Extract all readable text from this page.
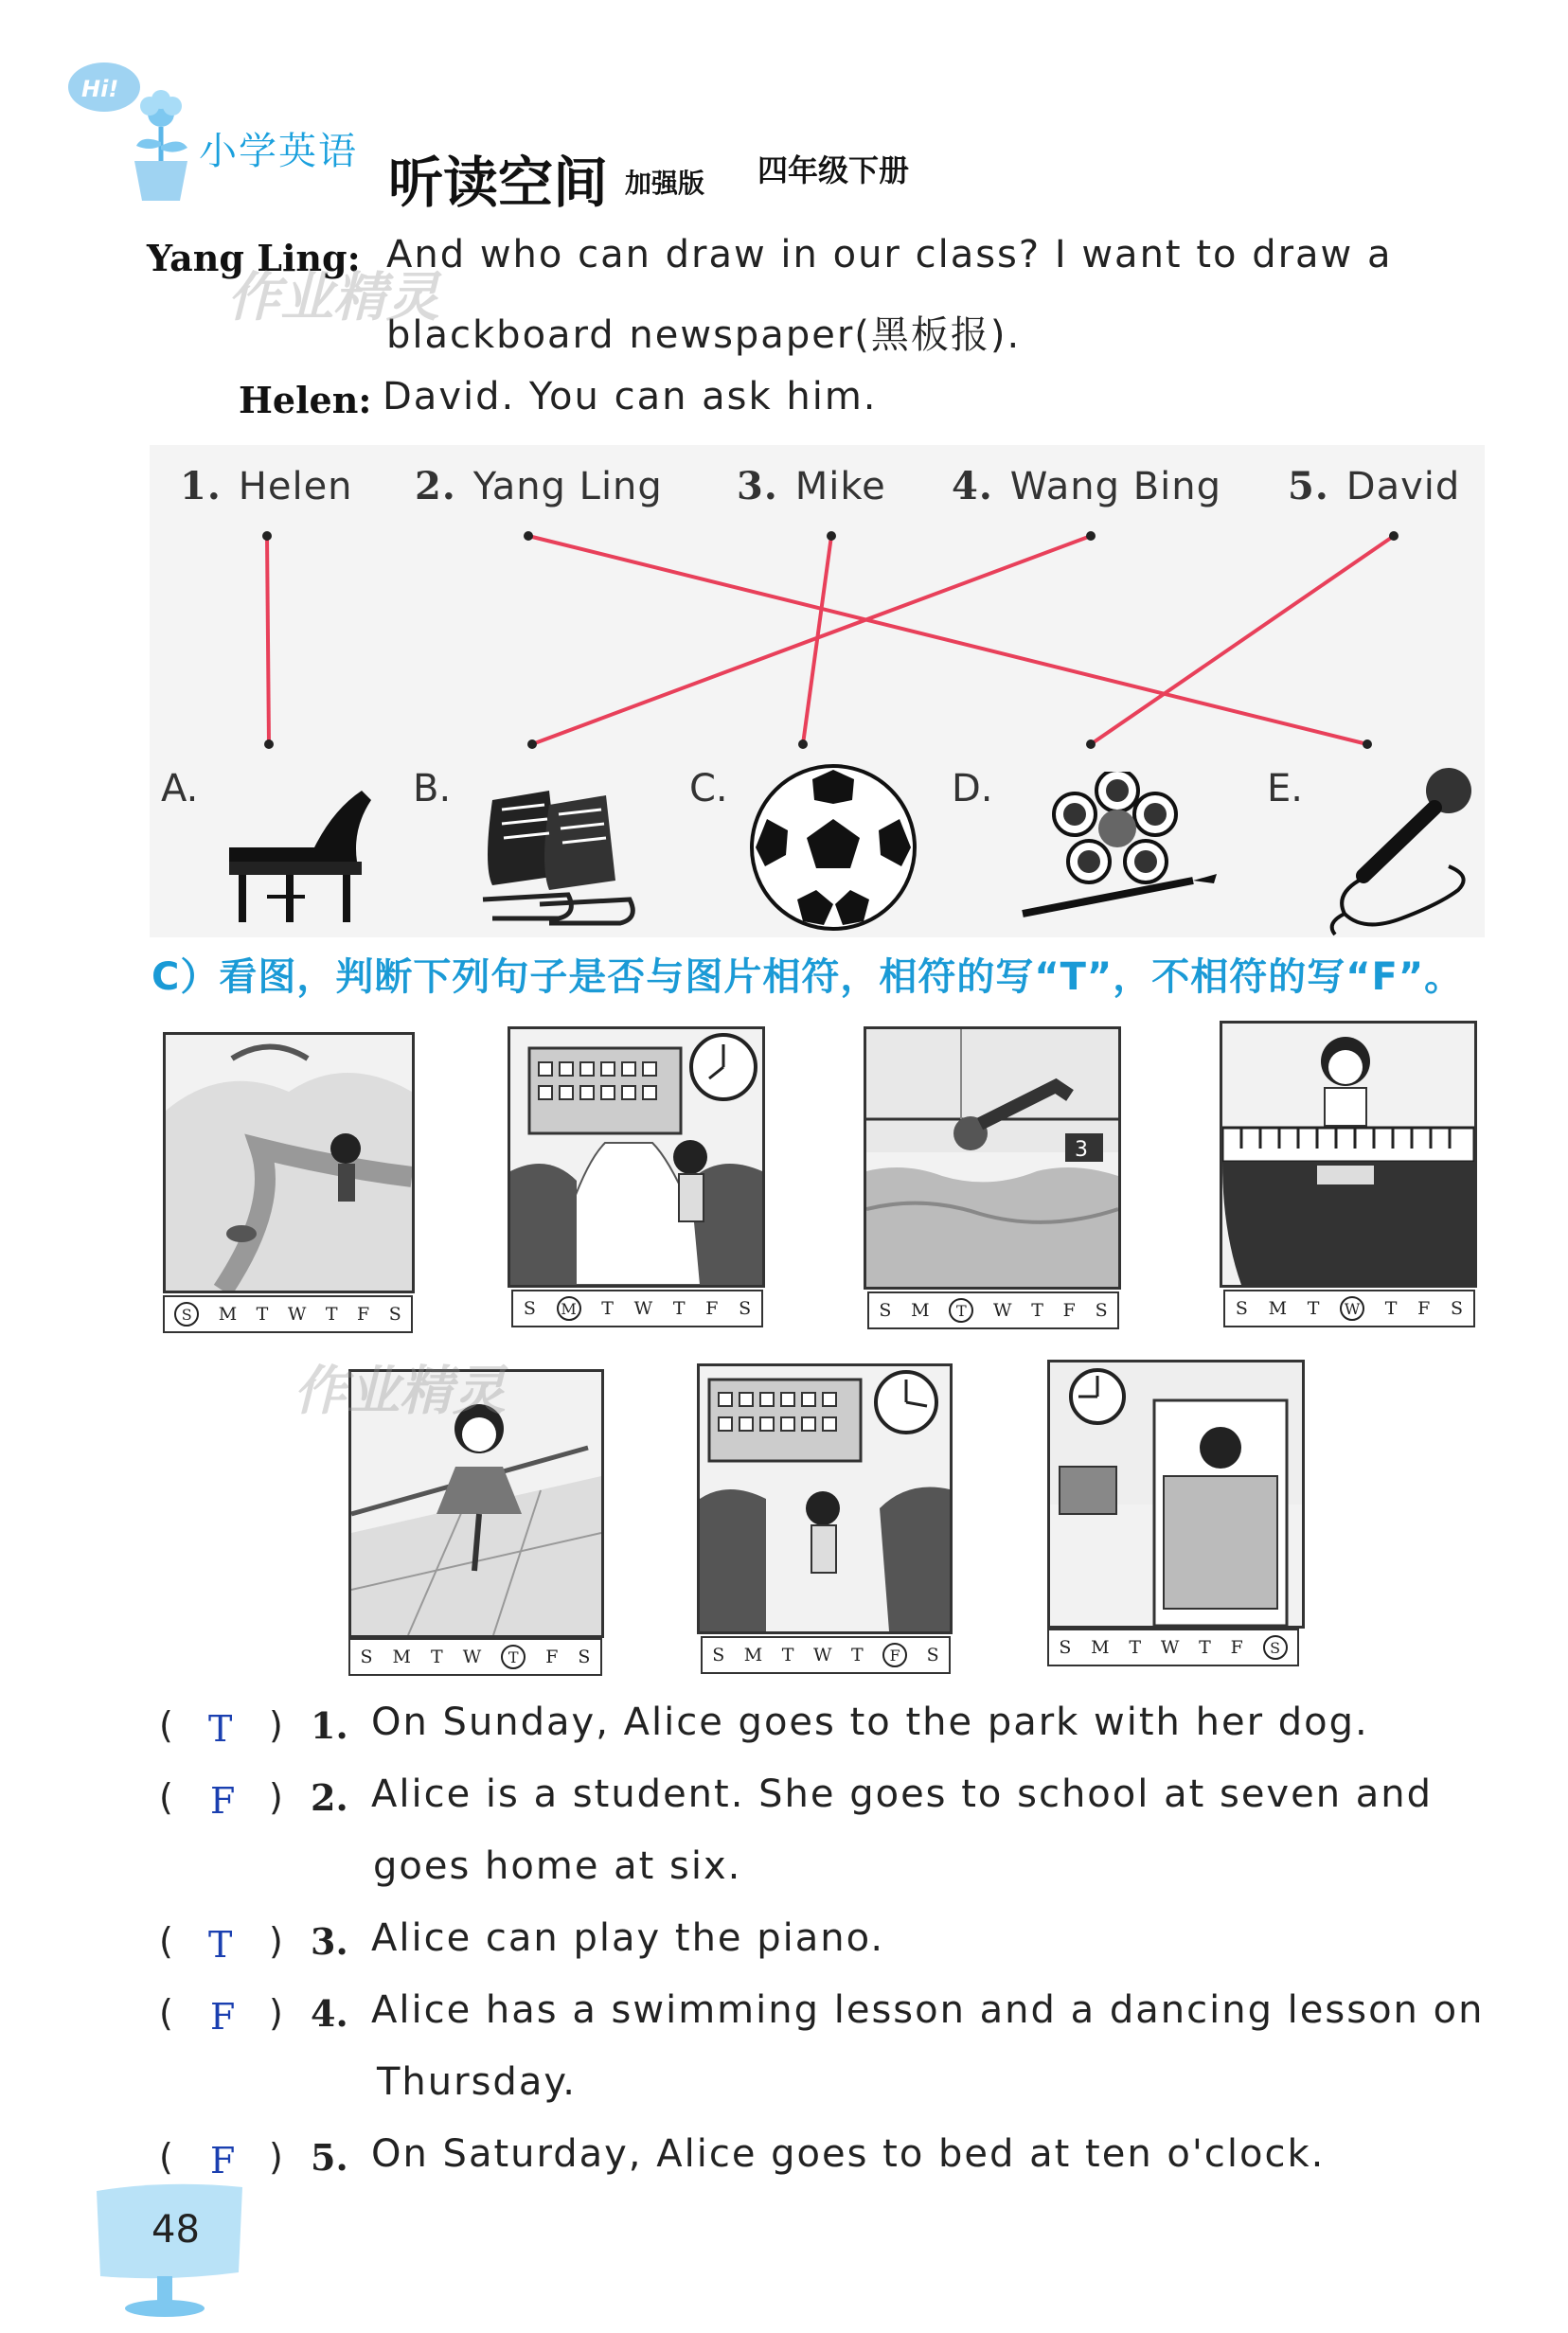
Hi!
小学英语 听读空间 加强版 四年级下册
Yang Ling: And who can draw in our class? I want to draw a
blackboard newspaper(黑板报).
Helen: David. You can ask him.
作业精灵
1. Helen 2. Yang Ling 3. Mike 4. Wang Bing 5. David
A.	B.	C.	D.	E.
C）看图，判断下列句子是否与图片相符，相符的写“T”，不相符的写“F”。
S	M T W T F S	S M T W T F S
3
S M	T	W T F S	S M T W T F S
S M T W	T	F S	S M T W T	F	S	S M T W T F	S
作业精灵
( T ) 1. On Sunday, Alice goes to the park with her dog.
( F ) 2. Alice is a student. She goes to school at seven and
goes home at six.
( T ) 3. Alice can play the piano.
( F ) 4. Alice has a swimming lesson and a dancing lesson on
Thursday.
( F ) 5. On Saturday, Alice goes to bed at ten o'clock.
48
